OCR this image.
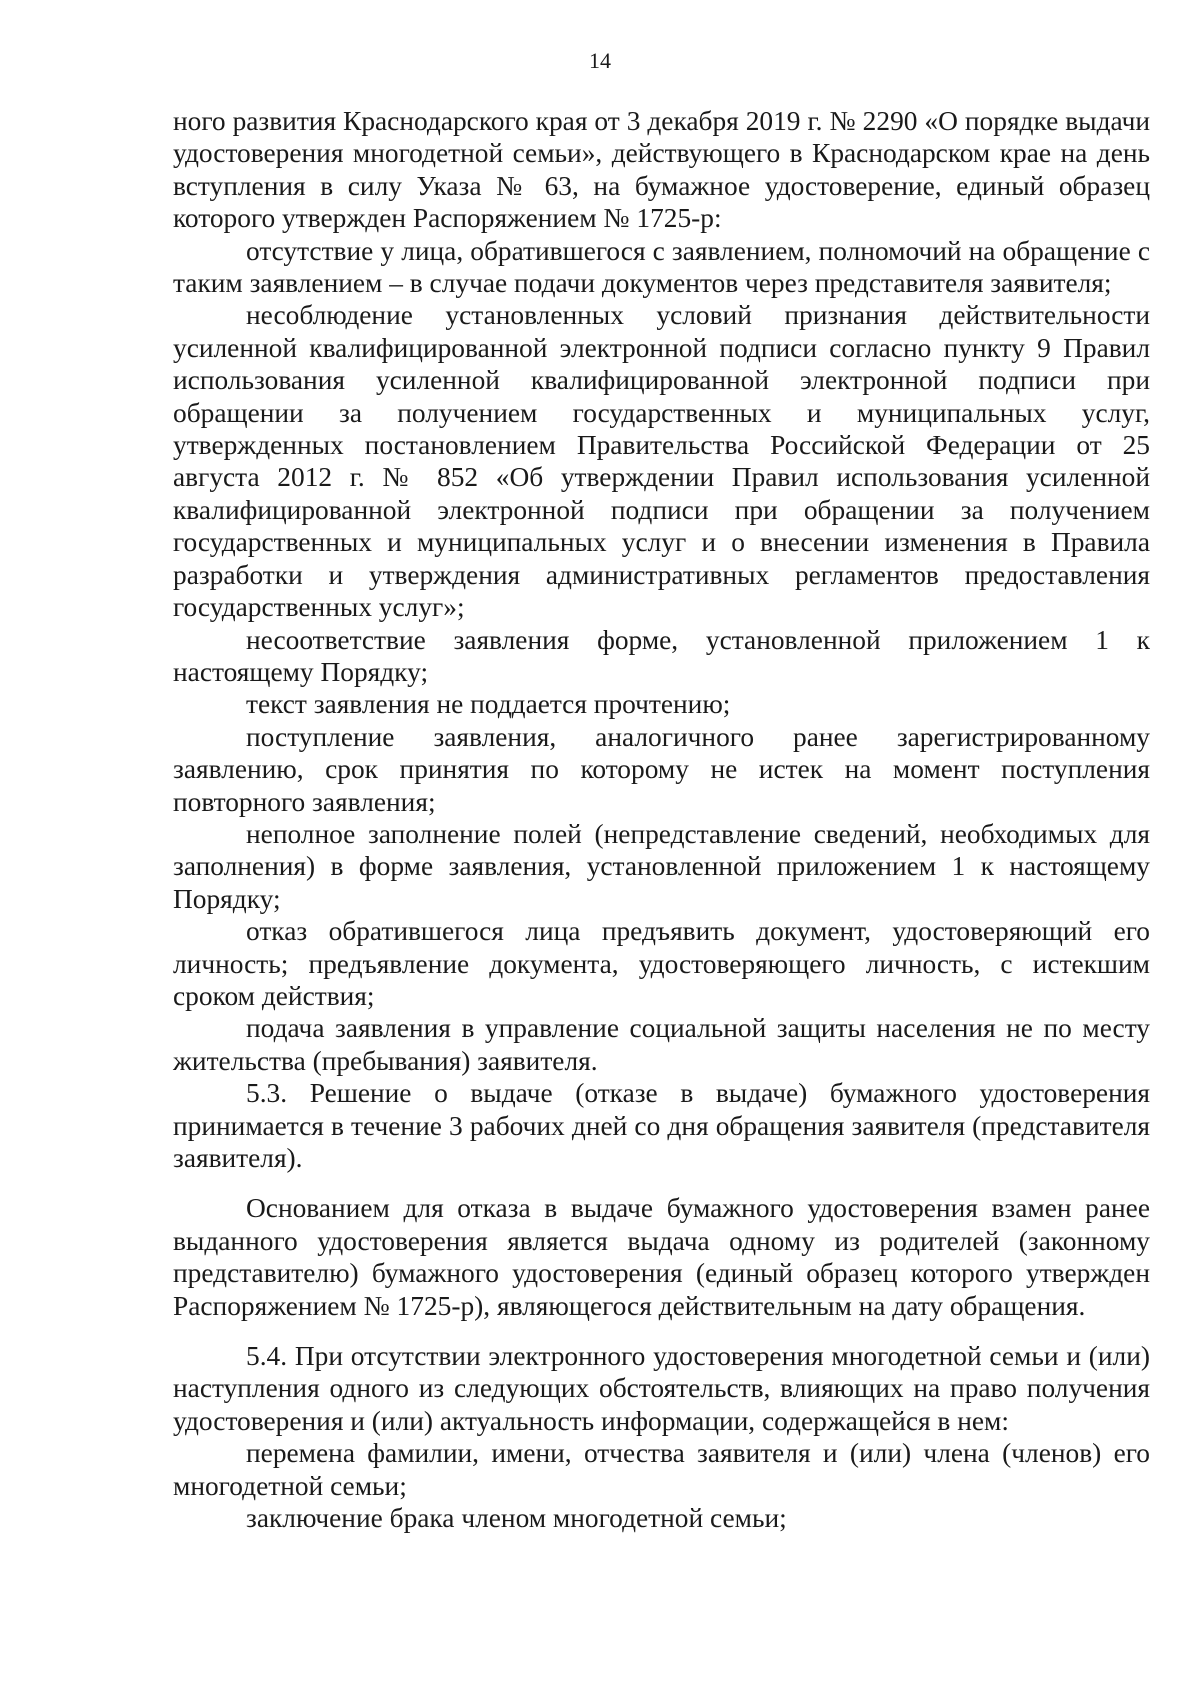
14

ного развития Краснодарского края от 3 декабря 2019 г. № 2290 «О порядке выдачи удостоверения многодетной семьи», действующего в Краснодарском крае на день вступления в силу Указа № 63, на бумажное удостоверение, единый образец которого утвержден Распоряжением № 1725-р:

отсутствие у лица, обратившегося с заявлением, полномочий на обращение с таким заявлением – в случае подачи документов через представителя заявителя;

несоблюдение установленных условий признания действительности усиленной квалифицированной электронной подписи согласно пункту 9 Правил использования усиленной квалифицированной электронной подписи при обращении за получением государственных и муниципальных услуг, утвержденных постановлением Правительства Российской Федерации от 25 августа 2012 г. № 852 «Об утверждении Правил использования усиленной квалифицированной электронной подписи при обращении за получением государственных и муниципальных услуг и о внесении изменения в Правила разработки и утверждения административных регламентов предоставления государственных услуг»;

несоответствие заявления форме, установленной приложением 1 к настоящему Порядку;

текст заявления не поддается прочтению;

поступление заявления, аналогичного ранее зарегистрированному заявлению, срок принятия по которому не истек на момент поступления повторного заявления;

неполное заполнение полей (непредставление сведений, необходимых для заполнения) в форме заявления, установленной приложением 1 к настоящему Порядку;

отказ обратившегося лица предъявить документ, удостоверяющий его личность; предъявление документа, удостоверяющего личность, с истекшим сроком действия;

подача заявления в управление социальной защиты населения не по месту жительства (пребывания) заявителя.

5.3. Решение о выдаче (отказе в выдаче) бумажного удостоверения принимается в течение 3 рабочих дней со дня обращения заявителя (представителя заявителя).

Основанием для отказа в выдаче бумажного удостоверения взамен ранее выданного удостоверения является выдача одному из родителей (законному представителю) бумажного удостоверения (единый образец которого утвержден Распоряжением № 1725-р), являющегося действительным на дату обращения.

5.4. При отсутствии электронного удостоверения многодетной семьи и (или) наступления одного из следующих обстоятельств, влияющих на право получения удостоверения и (или) актуальность информации, содержащейся в нем:

перемена фамилии, имени, отчества заявителя и (или) члена (членов) его многодетной семьи;

заключение брака членом многодетной семьи;
